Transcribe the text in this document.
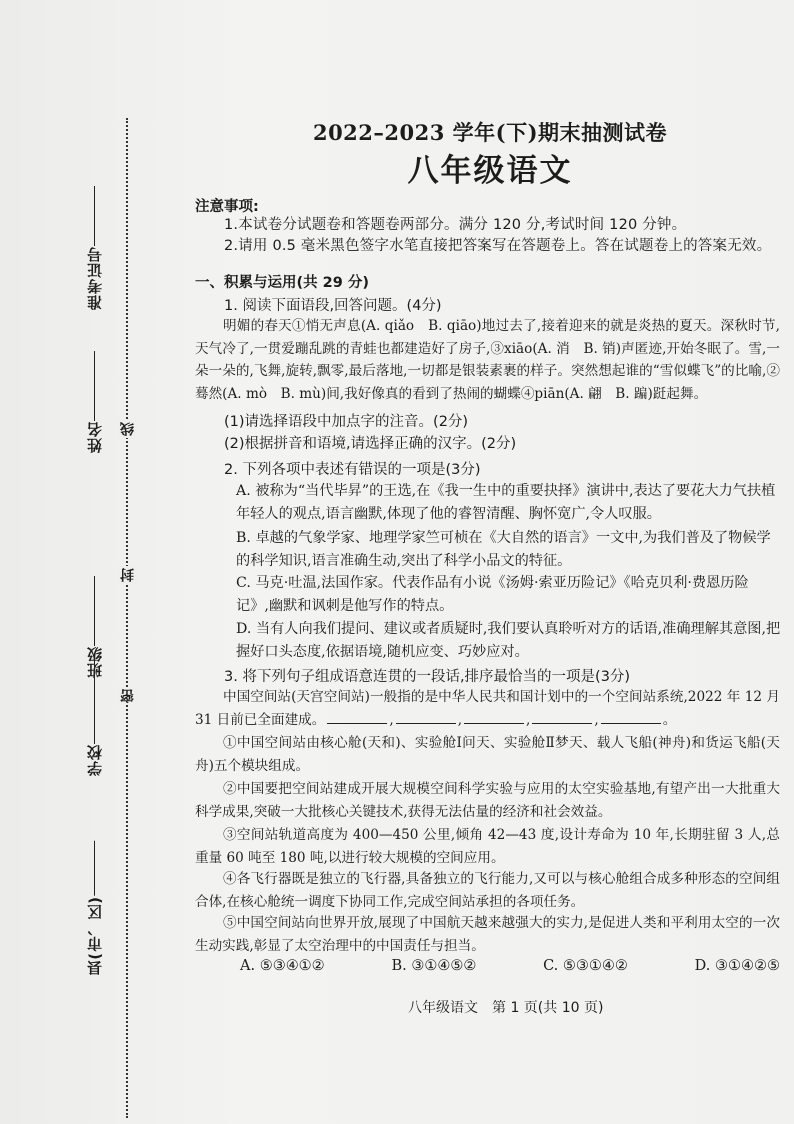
准考证号
姓名
班级
学校
县(市、区)
线
封
密
2022–2023 学年(下)期末抽测试卷
八年级语文
注意事项:
1.本试卷分试题卷和答题卷两部分。满分 120 分,考试时间 120 分钟。
2.请用 0.5 毫米黑色签字水笔直接把答案写在答题卷上。答在试题卷上的答案无效。
一、积累与运用(共 29 分)
1. 阅读下面语段,回答问题。(4分)
明媚的春天①悄无声息(A. qiǎo　B. qiāo)地过去了,接着迎来的就是炎热的夏天。深秋时节,天气冷了,一贯爱蹦乱跳的青蛙也都建造好了房子,③xiāo(A. 消　B. 销)声匿迹,开始冬眠了。雪,一朵一朵的,飞舞,旋转,飘零,最后落地,一切都是银装素裹的样子。突然想起谁的“雪似蝶飞”的比喻,②蓦然(A. mò　B. mù)间,我好像真的看到了热闹的蝴蝶④piān(A. 翩　B. 蹁)跹起舞。
(1)请选择语段中加点字的注音。(2分)
(2)根据拼音和语境,请选择正确的汉字。(2分)
2. 下列各项中表述有错误的一项是(3分)
A. 被称为“当代毕昇”的王选,在《我一生中的重要抉择》演讲中,表达了要花大力气扶植年轻人的观点,语言幽默,体现了他的睿智清醒、胸怀宽广,令人叹服。
B. 卓越的气象学家、地理学家竺可桢在《大自然的语言》一文中,为我们普及了物候学的科学知识,语言准确生动,突出了科学小品文的特征。
C. 马克·吐温,法国作家。代表作品有小说《汤姆·索亚历险记》《哈克贝利·费恩历险记》,幽默和讽刺是他写作的特点。
D. 当有人向我们提问、建议或者质疑时,我们要认真聆听对方的话语,准确理解其意图,把握好口头态度,依据语境,随机应变、巧妙应对。
3. 将下列句子组成语意连贯的一段话,排序最恰当的一项是(3分)
中国空间站(天宫空间站)一般指的是中华人民共和国计划中的一个空间站系统,2022 年 12 月 31 日前已全面建成。	,	,	,	,	。
①中国空间站由核心舱(天和)、实验舱Ⅰ问天、实验舱Ⅱ梦天、载人飞船(神舟)和货运飞船(天舟)五个模块组成。
②中国要把空间站建成开展大规模空间科学实验与应用的太空实验基地,有望产出一大批重大科学成果,突破一大批核心关键技术,获得无法估量的经济和社会效益。
③空间站轨道高度为 400—450 公里,倾角 42—43 度,设计寿命为 10 年,长期驻留 3 人,总重量 60 吨至 180 吨,以进行较大规模的空间应用。
④各飞行器既是独立的飞行器,具备独立的飞行能力,又可以与核心舱组合成多种形态的空间组合体,在核心舱统一调度下协同工作,完成空间站承担的各项任务。
⑤中国空间站向世界开放,展现了中国航天越来越强大的实力,是促进人类和平利用太空的一次生动实践,彰显了太空治理中的中国责任与担当。
A. ⑤③④①②	B. ③①④⑤②	C. ⑤③①④②	D. ③①④②⑤
八年级语文　第 1 页(共 10 页)
